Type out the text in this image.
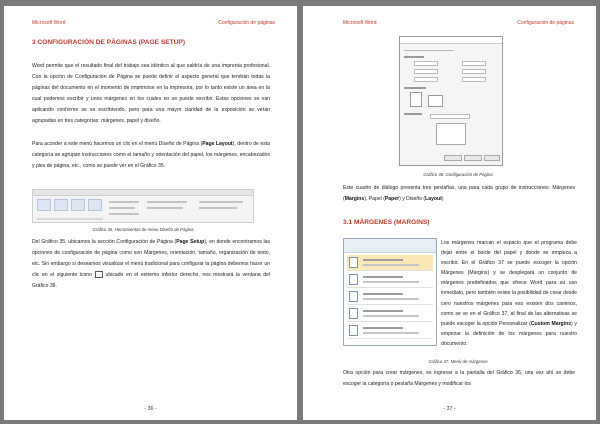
Microsoft Word	Configuración de páginas
3 CONFIGURACIÓN DE PÁGINAS (PAGE SETUP)

Word permite que el resultado final del trabajo sea idéntico al que saldría de una imprenta profesional. Con la opción de Configuración de Página se puede definir el aspecto general que tendrán todas la páginas del documento en el momento de imprimirse en la impresora, por lo tanto existe un área en la cual podemos escribir y unos márgenes en los cuales no se puede escribir. Estas opciones se van aplicando conforme se va escribiendo, pero para una mayor claridad de la exposición se verán agrupadas en tres categorías: márgenes, papel y diseño.

Para acceder a este menú hacemos un clic en el menú Diseño de Página (Page Layout), dentro de esta categoría se agrupan instrucciones como el tamaño y orientación del papel, los márgenes, encabezados y pies de página, etc., como se puede ver en el Gráfico 35.

Gráfico 35. Herramientas de menu Diseño de Página

Del Gráfico 35, ubicamos la sección Configuración de Página (Page Setup), en donde encontramos las opciones de configuración de página como son Márgenes, orientación, tamaño, organización de texto, etc. Sin embargo si deseamos visualizar el menú tradicional para configurar la página debemos hacer un clic en el siguiente icono ubicado en el extremo inferior derecho, nos mostrará la ventana del Gráfico 36.

- 36 -
Microsoft Word	Configuración de páginas
Gráfico 36. Configuración de Página

Este cuadro de diálogo presenta tres pestañas, una para cada grupo de instrucciones: Márgenes (Margins), Papel (Paper) y Diseño (Layout)

3.1 MÁRGENES (MARGINS)

Los márgenes marcan el espacio que el programa debe dejar entre el borde del papel y donde se empieza a escribir. En el Gráfico 37 se puede escoger la opción Márgenes (Margins) y se desplegará un conjunto de márgenes predefinados que ofrece Word para su uso inmediato, pero también existe la posibilidad de crear desde cero nuestros márgenes para eso existen dos caminos, como se ve en el Gráfico 37, al final de las alternativas se puede escoger la opción Personalizar (Custom Margins) y empezar la definición de los márgenes para nuestro documento.

Gráfico 37. Menú de márgenes

Otra opción para crear márgenes, es ingresar a la pantalla del Gráfico 36, una vez ahí se debe escoger la categoría o pestaña Márgenes y modificar los

- 37 -
